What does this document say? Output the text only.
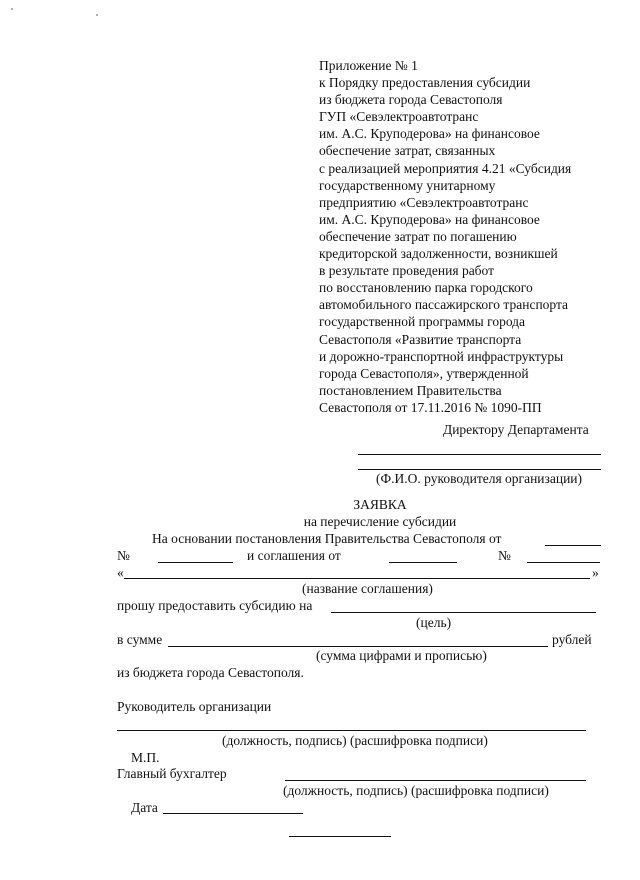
Приложение № 1
к Порядку предоставления субсидии
из бюджета города Севастополя
ГУП «Севэлектроавтотранс
им. А.С. Круподерова» на финансовое
обеспечение затрат, связанных
с реализацией мероприятия 4.21 «Субсидия
государственному унитарному
предприятию «Севэлектроавтотранс
им. А.С. Круподерова» на финансовое
обеспечение затрат по погашению
кредиторской задолженности, возникшей
в результате проведения работ
по восстановлению парка городского
автомобильного пассажирского транспорта
государственной программы города
Севастополя «Развитие транспорта
и дорожно-транспортной инфраструктуры
города Севастополя», утвержденной
постановлением Правительства
Севастополя от 17.11.2016 № 1090-ПП
Директору Департамента
(Ф.И.О. руководителя организации)
ЗАЯВКА
на перечисление субсидии
На основании постановления Правительства Севастополя от
№	и соглашения от	№
«	»
(название соглашения)
прошу предоставить субсидию на
(цель)
в сумме	рублей
(сумма цифрами и прописью)
из бюджета города Севастополя.
Руководитель организации
(должность, подпись) (расшифровка подписи)
М.П.
Главный бухгалтер
(должность, подпись) (расшифровка подписи)
Дата
